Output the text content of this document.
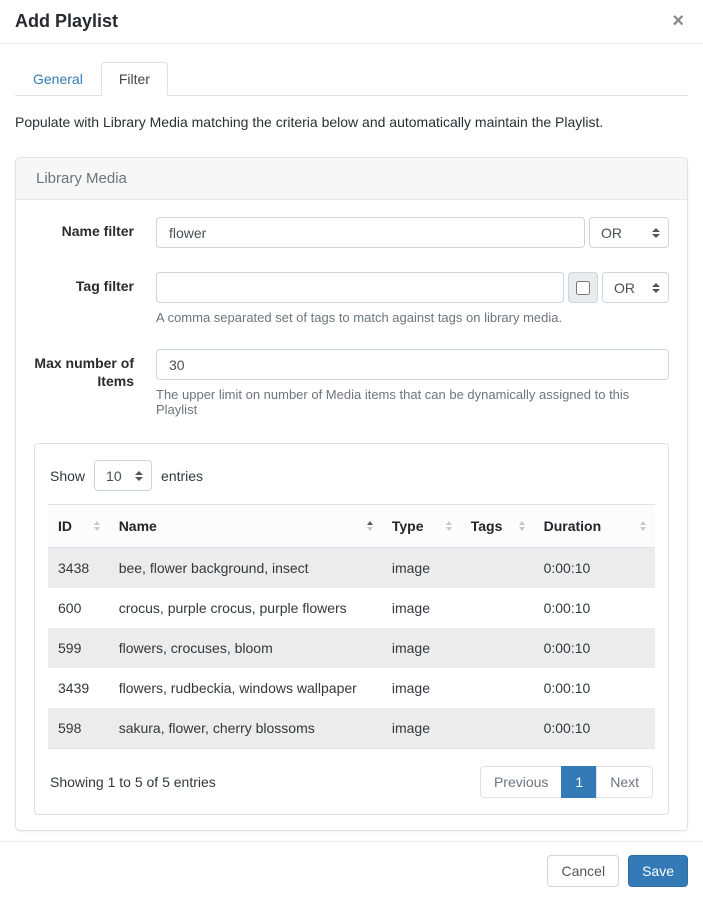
Add Playlist	×
General	Filter

Populate with Library Media matching the criteria below and automatically maintain the Playlist.

Library Media
Name filter
flower	OR
Tag filter	OR
A comma separated set of tags to match against tags on library media.
Max number of Items
30
The upper limit on number of Media items that can be dynamically assigned to this Playlist
Show 10	entries
ID	Name	Type	Tags	Duration

3438	bee, flower background, insect	image		0:00:10
600	crocus, purple crocus, purple flowers	image		0:00:10
599	flowers, crocuses, bloom	image		0:00:10
3439	flowers, rudbeckia, windows wallpaper	image		0:00:10
598	sakura, flower, cherry blossoms	image		0:00:10
Showing 1 to 5 of 5 entries	Previous	1	Next
Cancel	Save
